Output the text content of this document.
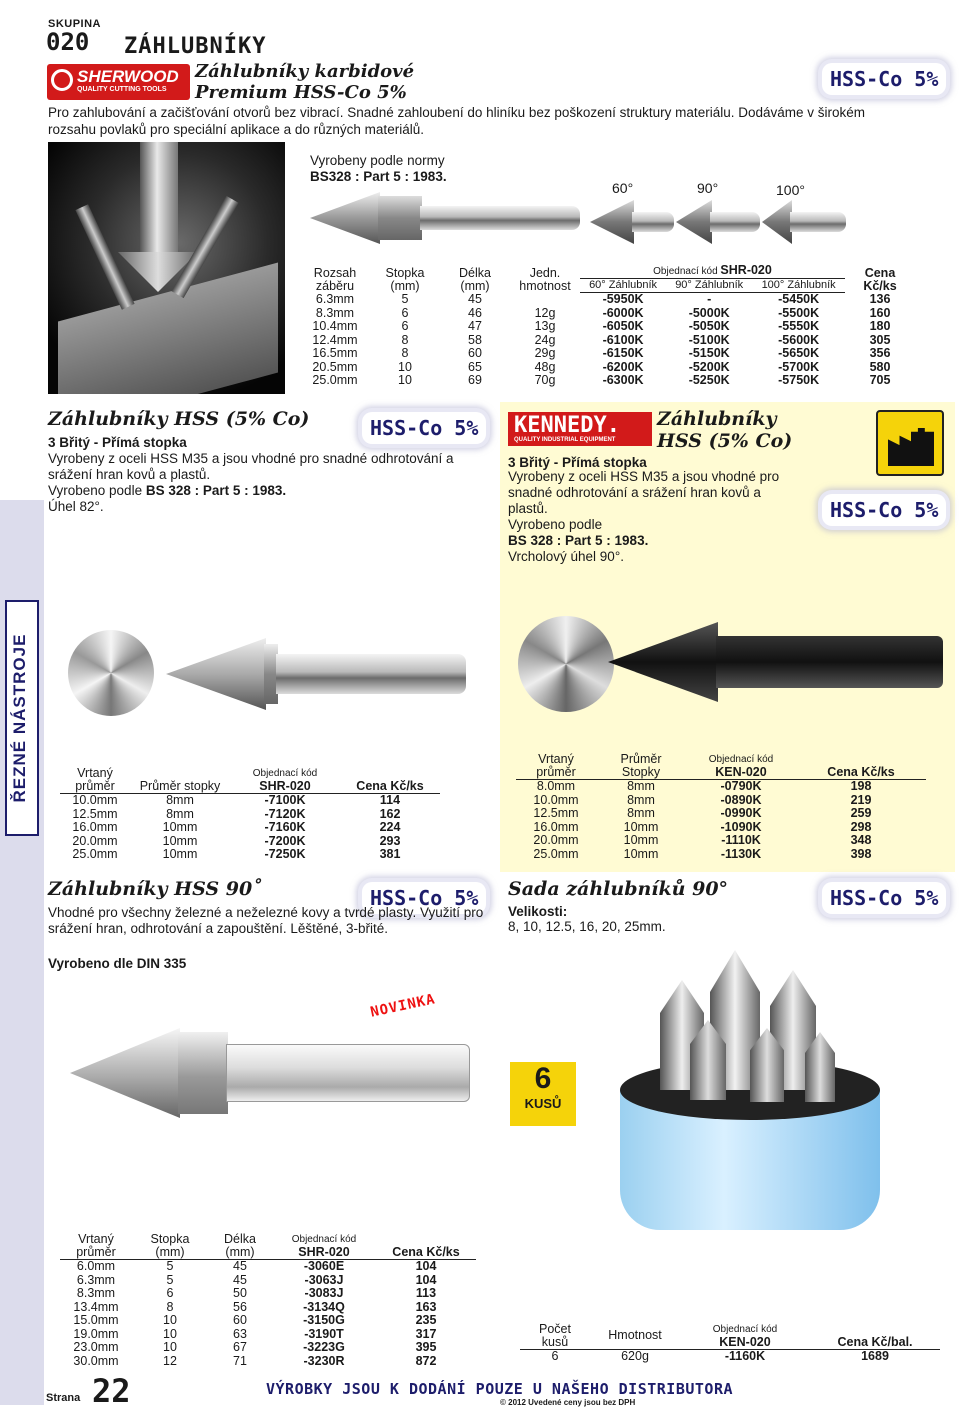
SKUPINA
020 ZÁHLUBNÍKY
SHERWOOD
QUALITY CUTTING TOOLS
Záhlubníky karbidové
Premium HSS-Co 5%
HSS-Co 5%
Pro zahlubování a začišťování otvorů bez vibrací. Snadné zahloubení do hliníku bez poškození struktury materiálu. Dodáváme v širokém rozsahu povlaků pro speciální aplikace a do různých materiálů.
Vyrobeny podle normy
BS328 : Part 5 : 1983.
60°	90°	100°
Rozsah záběru	Stopka (mm)	Délka (mm)	Jedn. hmotnost	Objednací kód SHR-020			Cena Kč/ks
				60° Záhlubník	90° Záhlubník	100° Záhlubník	
6.3mm	5	45		-5950K	-	-5450K	136
8.3mm	6	46	12g	-6000K	-5000K	-5500K	160
10.4mm	6	47	13g	-6050K	-5050K	-5550K	180
12.4mm	8	58	24g	-6100K	-5100K	-5600K	305
16.5mm	8	60	29g	-6150K	-5150K	-5650K	356
20.5mm	10	65	48g	-6200K	-5200K	-5700K	580
25.0mm	10	69	70g	-6300K	-5250K	-5750K	705
Záhlubníky HSS (5% Co)	HSS-Co 5%
3 Břitý - Přímá stopka
Vyrobeny z oceli HSS M35 a jsou vhodné pro snadné odhrotování a srážení hran kovů a plastů.
Vyrobeno podle BS 328 : Part 5 : 1983.
Úhel 82°.
ŘEZNÉ NÁSTROJE	Vrtaný průměr	Průměr stopky	Objednací kód
SHR-020	Cena Kč/ks
10.0mm	8mm	-7100K	114
12.5mm	8mm	-7120K	162
16.0mm	10mm	-7160K	224
20.0mm	10mm	-7200K	293
25.0mm	10mm	-7250K	381
KENNEDY.
QUALITY INDUSTRIAL EQUIPMENT
Záhlubníky
HSS (5% Co)
3 Břitý - Přímá stopka
Vyrobeny z oceli HSS M35 a jsou vhodné pro snadné odhrotování a srážení hran kovů a plastů.
Vyrobeno podle
BS 328 : Part 5 : 1983.
Vrcholový úhel 90°.
HSS-Co 5%
Vrtaný průměr	Průměr Stopky	Objednací kód
KEN-020	Cena Kč/ks
8.0mm	8mm	-0790K	198
10.0mm	8mm	-0890K	219
12.5mm	8mm	-0990K	259
16.0mm	10mm	-1090K	298
20.0mm	10mm	-1110K	348
25.0mm	10mm	-1130K	398
Záhlubníky HSS 90˚	HSS-Co 5%
Vhodné pro všechny železné a neželezné kovy a tvrdé plasty. Využití pro srážení hran, odhrotování a zapouštění. Lěštěné, 3-břité.
Vyrobeno dle DIN 335
NOVINKA
Vrtaný průměr	Stopka (mm)	Délka (mm)	Objednací kód
SHR-020	Cena Kč/ks
6.0mm	5	45	-3060E	104
6.3mm	5	45	-3063J	104
8.3mm	6	50	-3083J	113
13.4mm	8	56	-3134Q	163
15.0mm	10	60	-3150G	235
19.0mm	10	63	-3190T	317
23.0mm	10	67	-3223G	395
30.0mm	12	71	-3230R	872
Sada záhlubníků 90°	HSS-Co 5%
Velikosti:
8, 10, 12.5, 16, 20, 25mm.
6
KUSŮ
Počet kusů	Hmotnost	Objednací kód
KEN-020	Cena Kč/bal.
6	620g	-1160K	1689
Strana 22	VÝROBKY JSOU K DODÁNÍ POUZE U NAŠEHO DISTRIBUTORA
© 2012 Uvedené ceny jsou bez DPH
